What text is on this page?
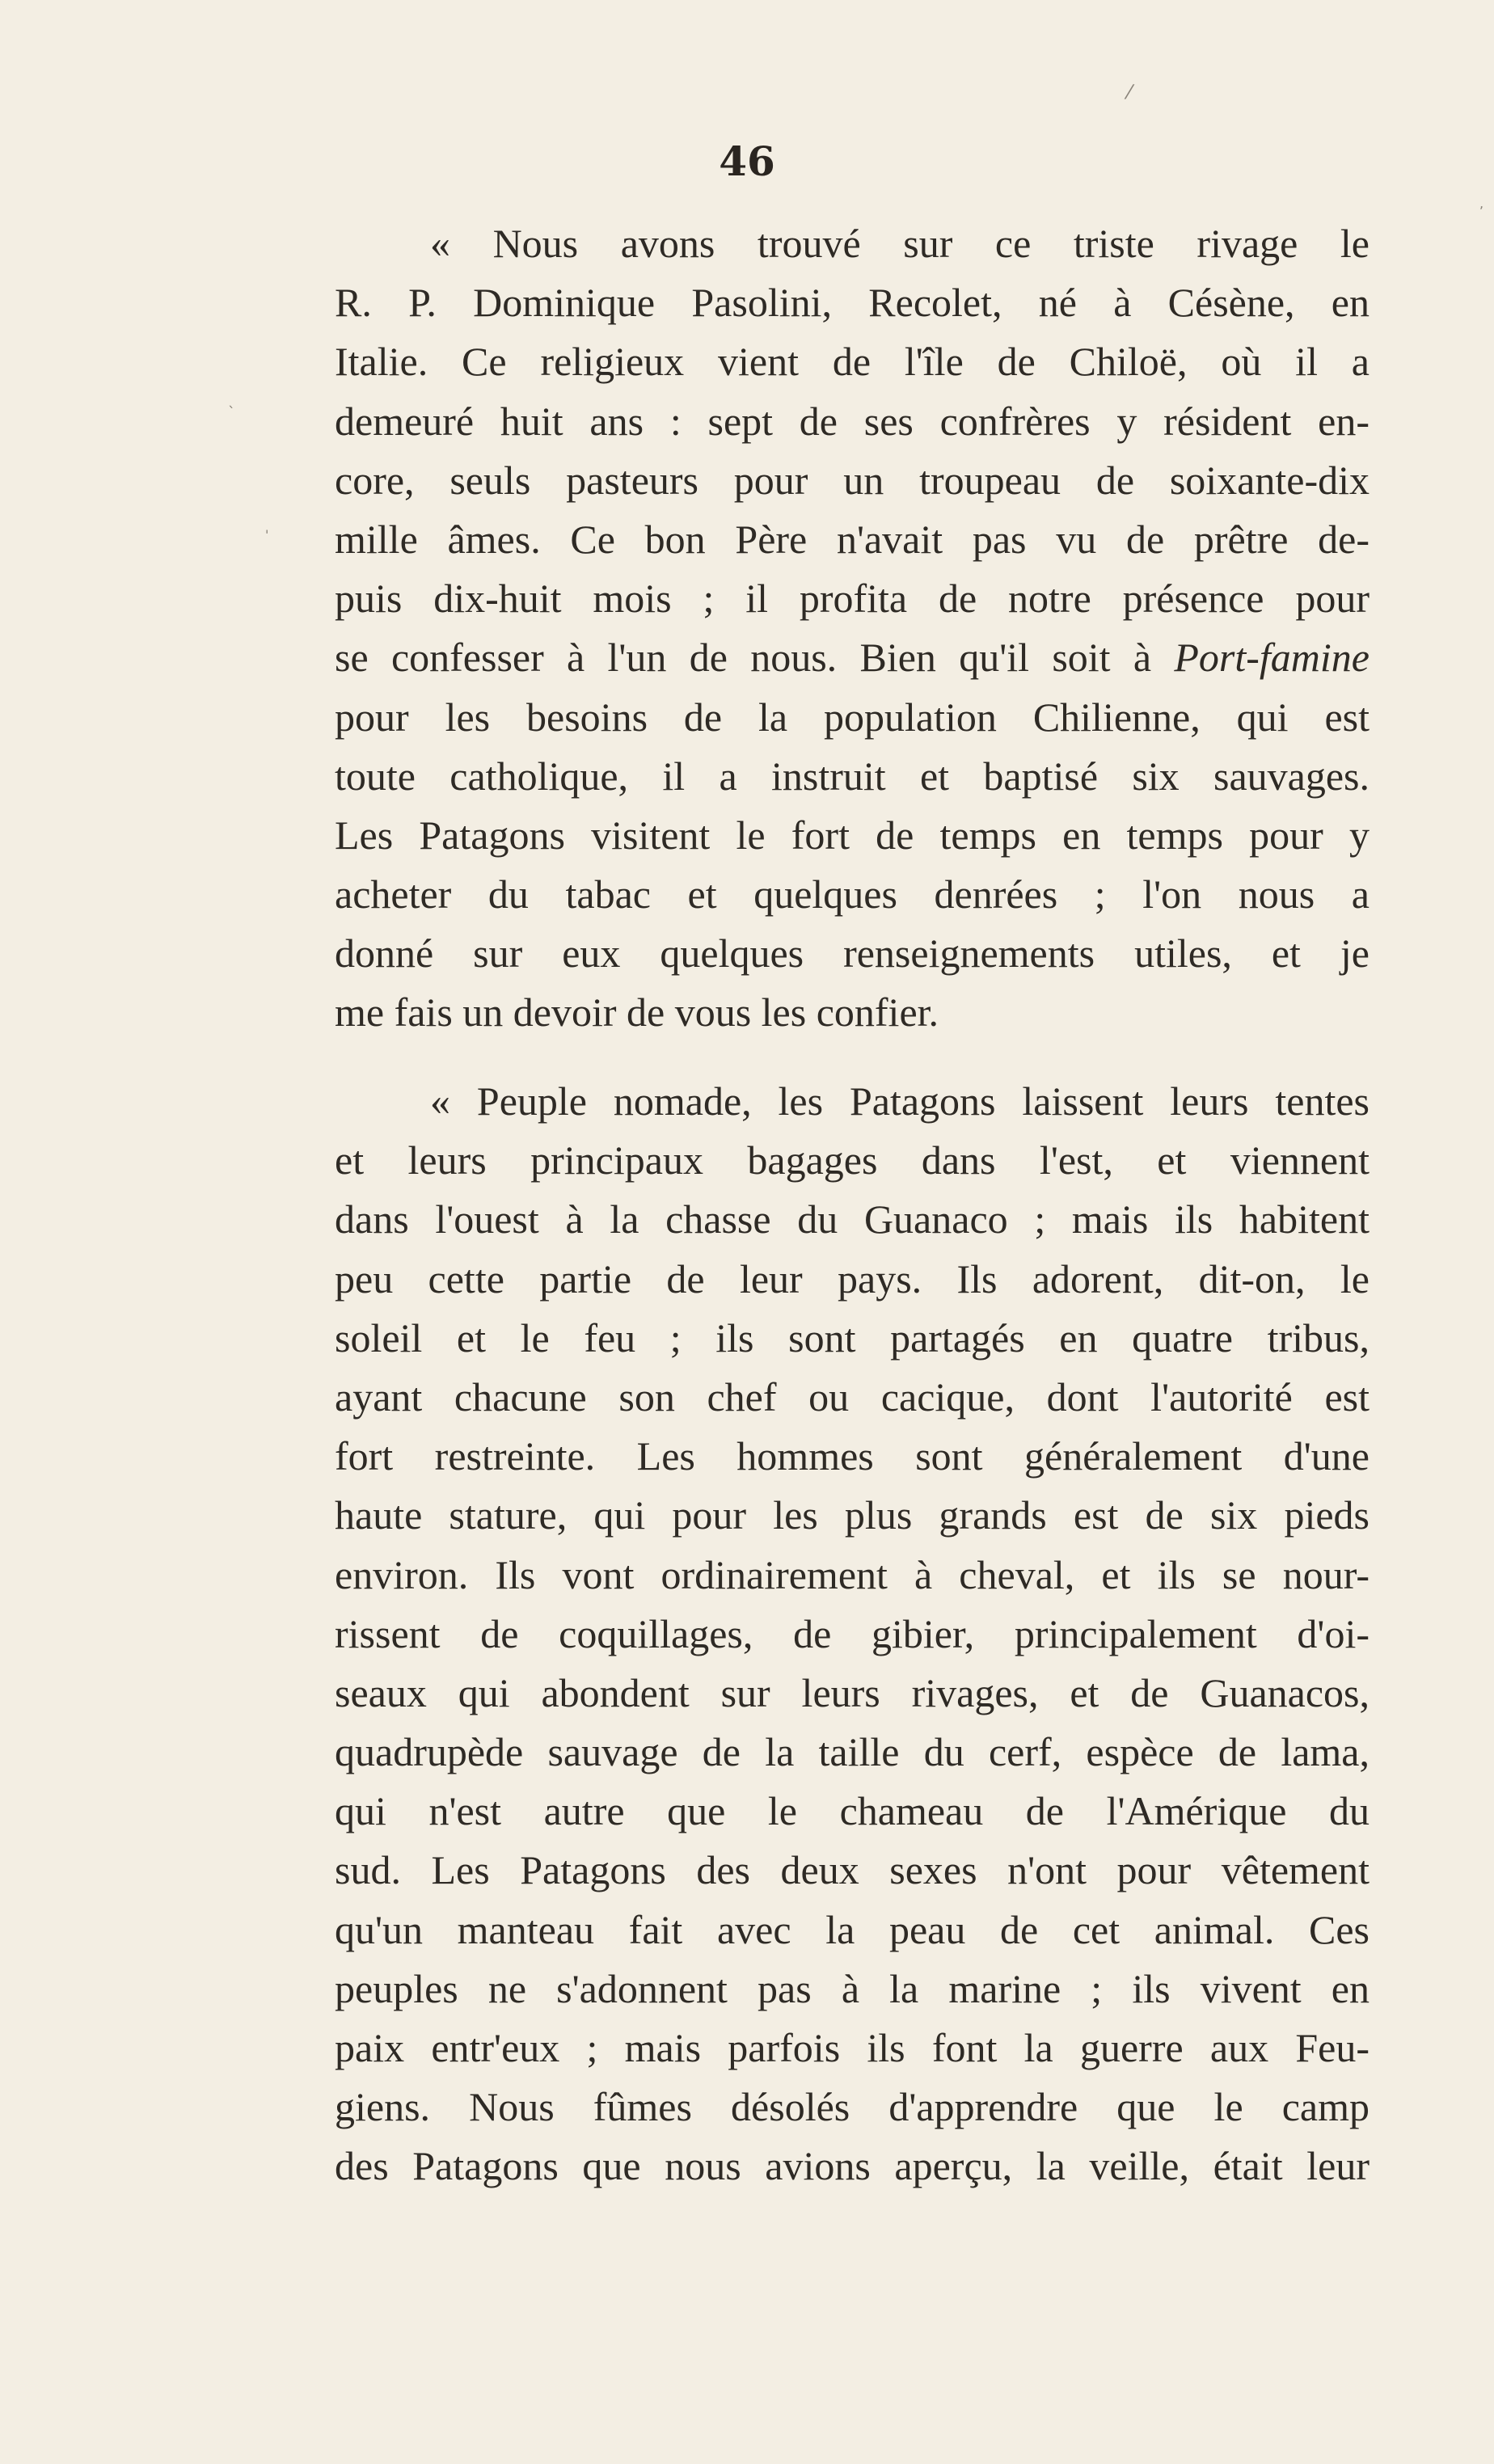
⁄
`
'
,
46
« Nous avons trouvé sur ce triste rivage le
R. P. Dominique Pasolini, Recolet, né à Césène, en
Italie. Ce religieux vient de l'île de Chiloë, où il a
demeuré huit ans : sept de ses confrères y résident en-
core, seuls pasteurs pour un troupeau de soixante-dix
mille âmes. Ce bon Père n'avait pas vu de prêtre de-
puis dix-huit mois ; il profita de notre présence pour
se confesser à l'un de nous. Bien qu'il soit à Port-famine
pour les besoins de la population Chilienne, qui est
toute catholique, il a instruit et baptisé six sauvages.
Les Patagons visitent le fort de temps en temps pour y
acheter du tabac et quelques denrées ; l'on nous a
donné sur eux quelques renseignements utiles, et je
me fais un devoir de vous les confier.
« Peuple nomade, les Patagons laissent leurs tentes
et leurs principaux bagages dans l'est, et viennent
dans l'ouest à la chasse du Guanaco ; mais ils habitent
peu cette partie de leur pays. Ils adorent, dit-on, le
soleil et le feu ; ils sont partagés en quatre tribus,
ayant chacune son chef ou cacique, dont l'autorité est
fort restreinte. Les hommes sont généralement d'une
haute stature, qui pour les plus grands est de six pieds
environ. Ils vont ordinairement à cheval, et ils se nour-
rissent de coquillages, de gibier, principalement d'oi-
seaux qui abondent sur leurs rivages, et de Guanacos,
quadrupède sauvage de la taille du cerf, espèce de lama,
qui n'est autre que le chameau de l'Amérique du
sud. Les Patagons des deux sexes n'ont pour vêtement
qu'un manteau fait avec la peau de cet animal. Ces
peuples ne s'adonnent pas à la marine ; ils vivent en
paix entr'eux ; mais parfois ils font la guerre aux Feu-
giens. Nous fûmes désolés d'apprendre que le camp
des Patagons que nous avions aperçu, la veille, était leur
